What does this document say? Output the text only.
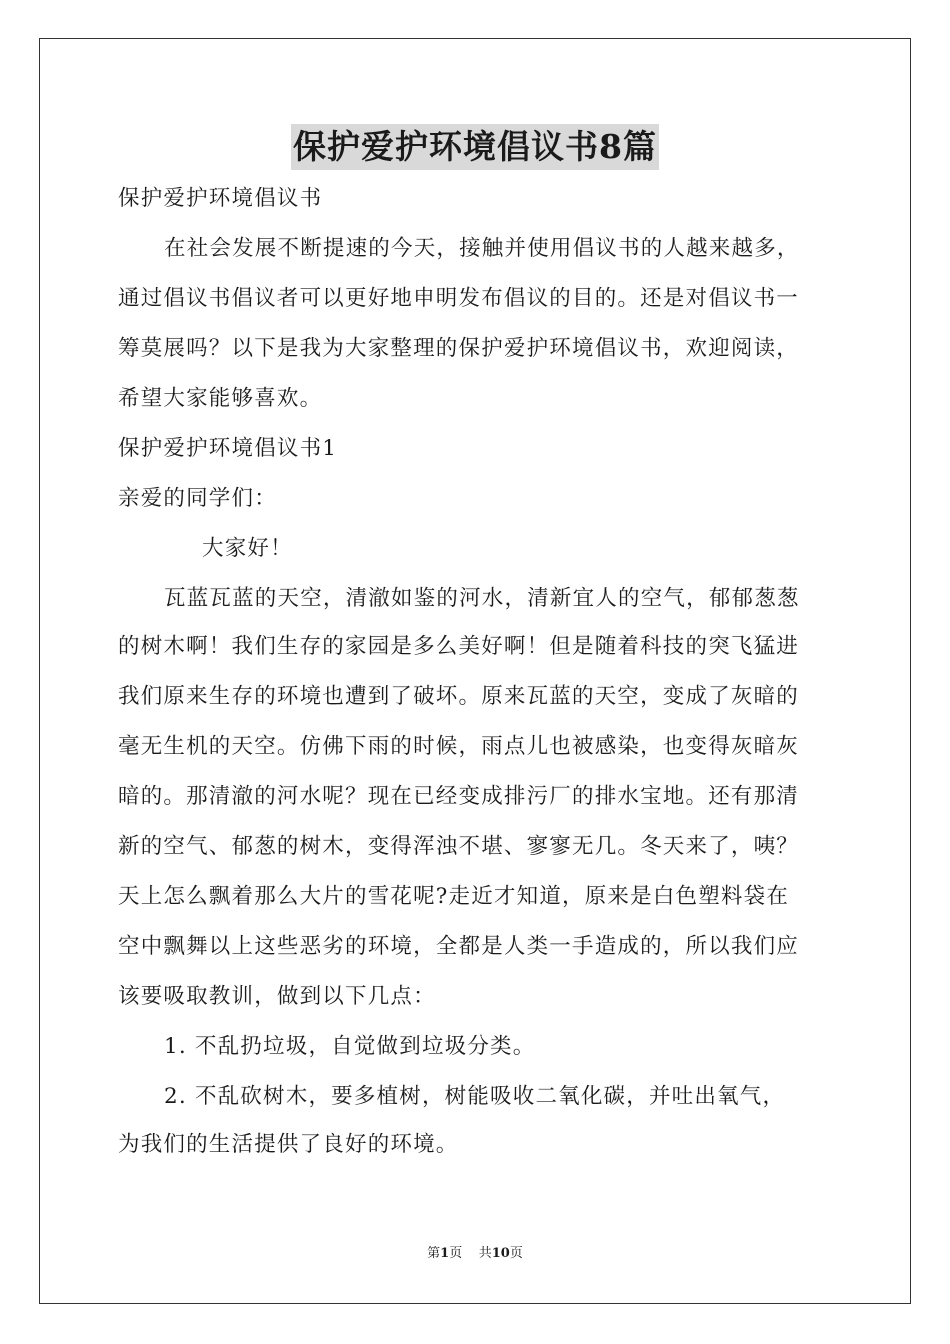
保护爱护环境倡议书8篇
保护爱护环境倡议书
在社会发展不断提速的今天，接触并使用倡议书的人越来越多，
通过倡议书倡议者可以更好地申明发布倡议的目的。还是对倡议书一
筹莫展吗？以下是我为大家整理的保护爱护环境倡议书，欢迎阅读，
希望大家能够喜欢。
保护爱护环境倡议书1
亲爱的同学们：
大家好！
瓦蓝瓦蓝的天空，清澈如鉴的河水，清新宜人的空气，郁郁葱葱
的树木啊！我们生存的家园是多么美好啊！但是随着科技的突飞猛进
我们原来生存的环境也遭到了破坏。原来瓦蓝的天空，变成了灰暗的
毫无生机的天空。仿佛下雨的时候，雨点儿也被感染，也变得灰暗灰
暗的。那清澈的河水呢？现在已经变成排污厂的排水宝地。还有那清
新的空气、郁葱的树木，变得浑浊不堪、寥寥无几。冬天来了，咦？
天上怎么飘着那么大片的雪花呢?走近才知道，原来是白色塑料袋在
空中飘舞以上这些恶劣的环境，全都是人类一手造成的，所以我们应
该要吸取教训，做到以下几点：
1. 不乱扔垃圾，自觉做到垃圾分类。
2. 不乱砍树木，要多植树，树能吸收二氧化碳，并吐出氧气，
为我们的生活提供了良好的环境。
第1页 共10页
